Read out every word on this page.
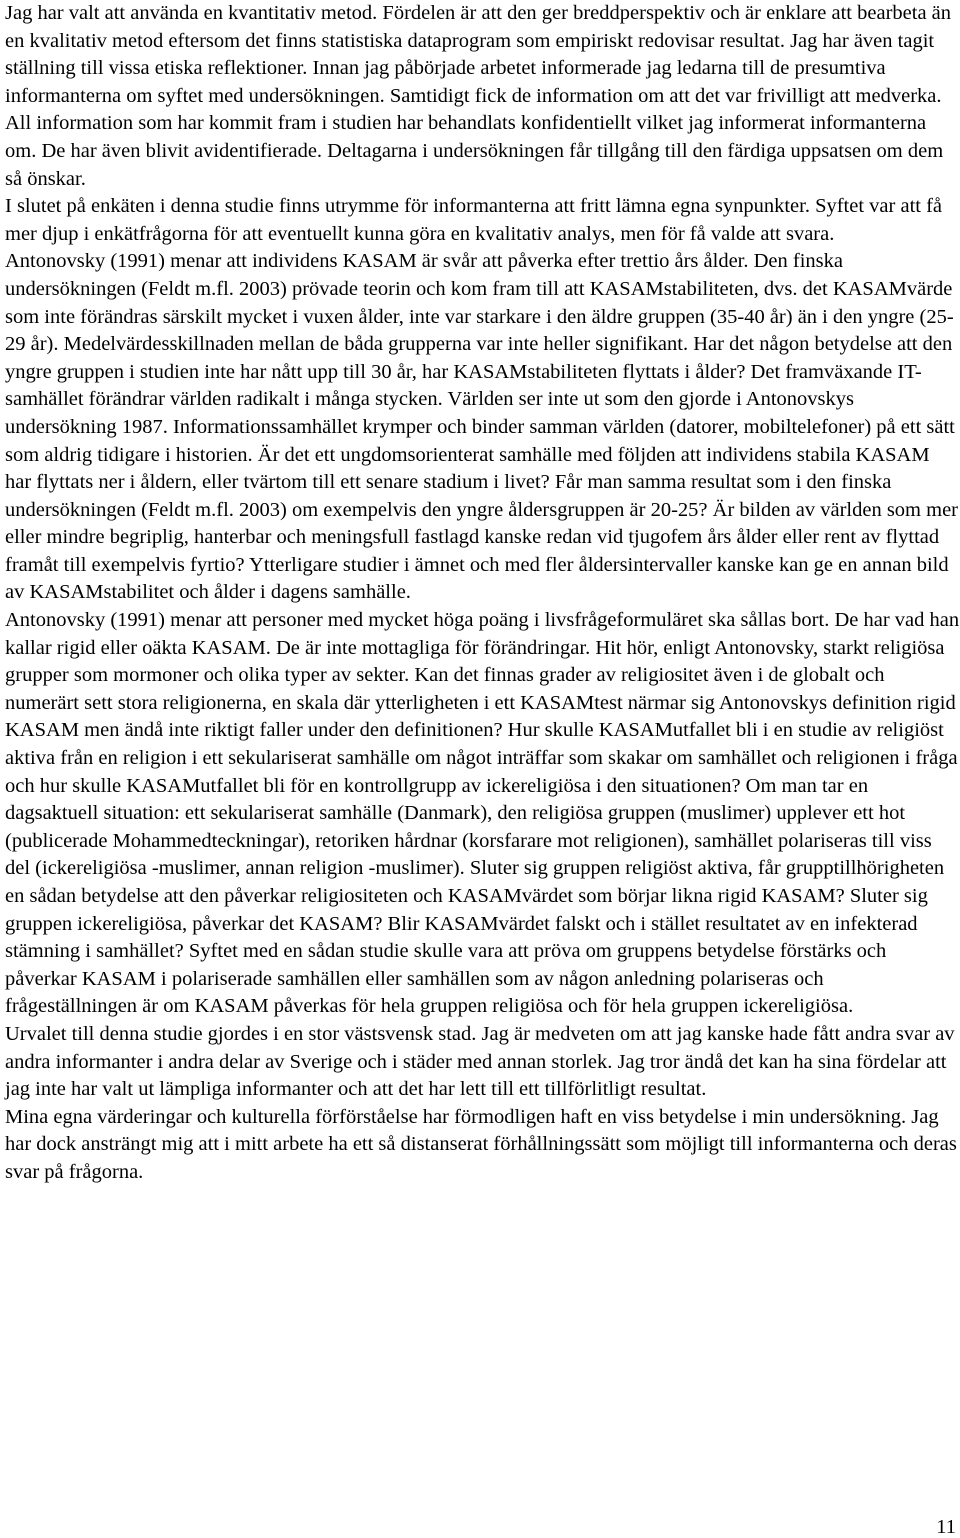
Jag har valt att använda en kvantitativ metod. Fördelen är att den ger breddperspektiv och är enklare att bearbeta än en kvalitativ metod eftersom det finns statistiska dataprogram som empiriskt redovisar resultat. Jag har även tagit ställning till vissa etiska reflektioner. Innan jag påbörjade arbetet informerade jag ledarna till de presumtiva informanterna om syftet med undersökningen. Samtidigt fick de information om att det var frivilligt att medverka. All information som har kommit fram i studien har behandlats konfidentiellt vilket jag informerat informanterna om. De har även blivit avidentifierade. Deltagarna i undersökningen får tillgång till den färdiga uppsatsen om dem så önskar.

I slutet på enkäten i denna studie finns utrymme för informanterna att fritt lämna egna synpunkter. Syftet var att få mer djup i enkätfrågorna för att eventuellt kunna göra en kvalitativ analys, men för få valde att svara.

Antonovsky (1991) menar att individens KASAM är svår att påverka efter trettio års ålder. Den finska undersökningen (Feldt m.fl. 2003) prövade teorin och kom fram till att KASAMstabiliteten, dvs. det KASAMvärde som inte förändras särskilt mycket i vuxen ålder, inte var starkare i den äldre gruppen (35-40 år) än i den yngre (25-29 år). Medelvärdesskillnaden mellan de båda grupperna var inte heller signifikant. Har det någon betydelse att den yngre gruppen i studien inte har nått upp till 30 år, har KASAMstabiliteten flyttats i ålder? Det framväxande IT-samhället förändrar världen radikalt i många stycken. Världen ser inte ut som den gjorde i Antonovskys undersökning 1987. Informationssamhället krymper och binder samman världen (datorer, mobiltelefoner) på ett sätt som aldrig tidigare i historien. Är det ett ungdomsorienterat samhälle med följden att individens stabila KASAM har flyttats ner i åldern, eller tvärtom till ett senare stadium i livet? Får man samma resultat som i den finska undersökningen (Feldt m.fl. 2003) om exempelvis den yngre åldersgruppen är 20-25? Är bilden av världen som mer eller mindre begriplig, hanterbar och meningsfull fastlagd kanske redan vid tjugofem års ålder eller rent av flyttad framåt till exempelvis fyrtio? Ytterligare studier i ämnet och med fler åldersintervaller kanske kan ge en annan bild av KASAMstabilitet och ålder i dagens samhälle.

Antonovsky (1991) menar att personer med mycket höga poäng i livsfrågeformuläret ska sållas bort. De har vad han kallar rigid eller oäkta KASAM. De är inte mottagliga för förändringar. Hit hör, enligt Antonovsky, starkt religiösa grupper som mormoner och olika typer av sekter. Kan det finnas grader av religiositet även i de globalt och numerärt sett stora religionerna, en skala där ytterligheten i ett KASAMtest närmar sig Antonovskys definition rigid KASAM men ändå inte riktigt faller under den definitionen? Hur skulle KASAMutfallet bli i en studie av religiöst aktiva från en religion i ett sekulariserat samhälle om något inträffar som skakar om samhället och religionen i fråga och hur skulle KASAMutfallet bli för en kontrollgrupp av ickereligiösa i den situationen? Om man tar en dagsaktuell situation: ett sekulariserat samhälle (Danmark), den religiösa gruppen (muslimer) upplever ett hot (publicerade Mohammedteckningar), retoriken hårdnar (korsfarare mot religionen), samhället polariseras till viss del (ickereligiösa -muslimer, annan religion -muslimer). Sluter sig gruppen religiöst aktiva, får grupptillhörigheten en sådan betydelse att den påverkar religiositeten och KASAMvärdet som börjar likna rigid KASAM? Sluter sig gruppen ickereligiösa, påverkar det KASAM? Blir KASAMvärdet falskt och i stället resultatet av en infekterad stämning i samhället? Syftet med en sådan studie skulle vara att pröva om gruppens betydelse förstärks och påverkar KASAM i polariserade samhällen eller samhällen som av någon anledning polariseras och frågeställningen är om KASAM påverkas för hela gruppen religiösa och för hela gruppen ickereligiösa.

Urvalet till denna studie gjordes i en stor västsvensk stad. Jag är medveten om att jag kanske hade fått andra svar av andra informanter i andra delar av Sverige och i städer med annan storlek. Jag tror ändå det kan ha sina fördelar att jag inte har valt ut lämpliga informanter och att det har lett till ett tillförlitligt resultat.

Mina egna värderingar och kulturella förförståelse har förmodligen haft en viss betydelse i min undersökning. Jag har dock ansträngt mig att i mitt arbete ha ett så distanserat förhållningssätt som möjligt till informanterna och deras svar på frågorna.

11
